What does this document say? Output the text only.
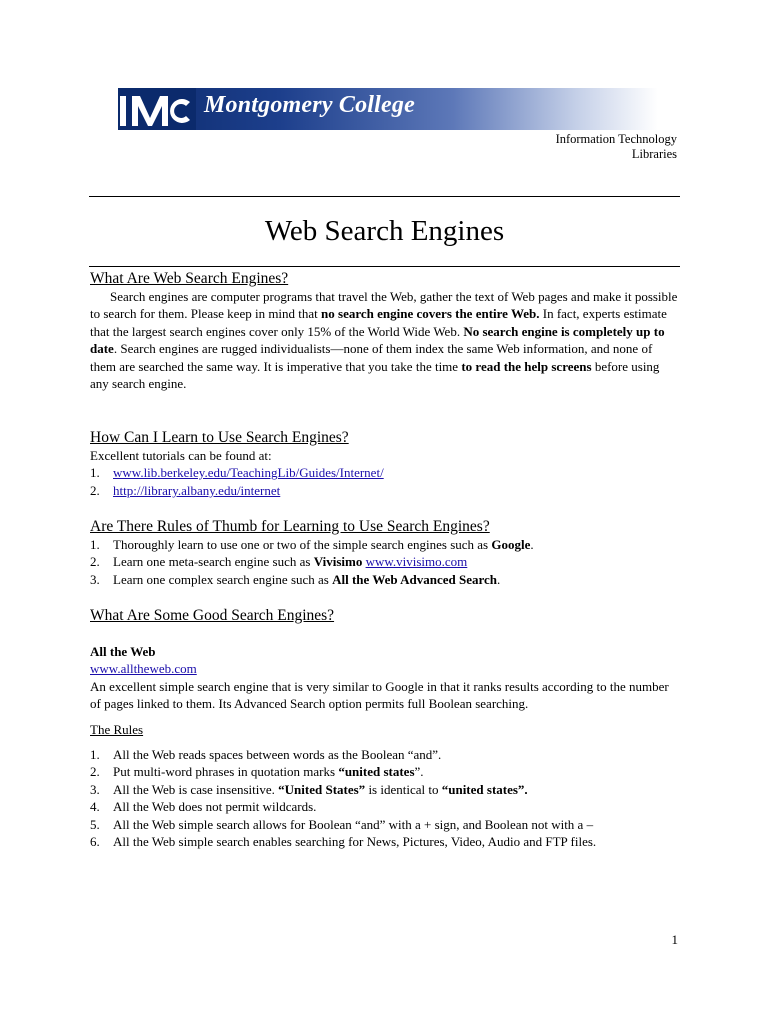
Montgomery College
Information Technology
Libraries
Web Search Engines
What Are Web Search Engines?

Search engines are computer programs that travel the Web, gather the text of Web pages and make it possible to search for them. Please keep in mind that no search engine covers the entire Web. In fact, experts estimate that the largest search engines cover only 15% of the World Wide Web. No search engine is completely up to date. Search engines are rugged individualists—none of them index the same Web information, and none of them are searched the same way. It is imperative that you take the time to read the help screens before using any search engine.

How Can I Learn to Use Search Engines?

Excellent tutorials can be found at:

1. www.lib.berkeley.edu/TeachingLib/Guides/Internet/
2. http://library.albany.edu/internet
Are There Rules of Thumb for Learning to Use Search Engines?
1. Thoroughly learn to use one or two of the simple search engines such as Google.
2. Learn one meta-search engine such as Vivisimo www.vivisimo.com
3. Learn one complex search engine such as All the Web Advanced Search.
What Are Some Good Search Engines?

All the Web

www.alltheweb.com

An excellent simple search engine that is very similar to Google in that it ranks results according to the number of pages linked to them. Its Advanced Search option permits full Boolean searching.

The Rules

1. All the Web reads spaces between words as the Boolean “and”.
2. Put multi-word phrases in quotation marks “united states”.
3. All the Web is case insensitive. “United States” is identical to “united states”.
4. All the Web does not permit wildcards.
5. All the Web simple search allows for Boolean “and” with a + sign, and Boolean not with a –
6. All the Web simple search enables searching for News, Pictures, Video, Audio and FTP files.
1
